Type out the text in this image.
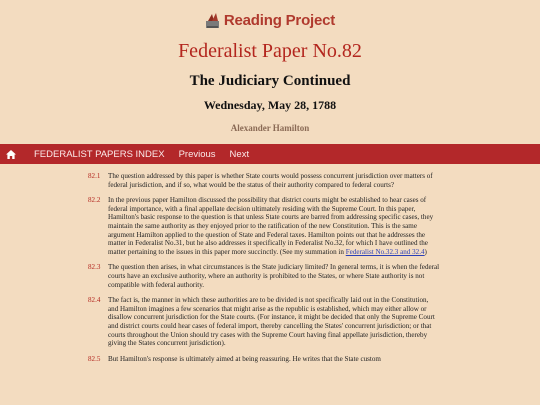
Reading Project
Federalist Paper No.82
The Judiciary Continued
Wednesday, May 28, 1788
Alexander Hamilton
FEDERALIST PAPERS INDEX	Previous	Next
82.1	The question addressed by this paper is whether State courts would possess concurrent jurisdiction over matters of federal jurisdiction, and if so, what would be the status of their authority compared to federal courts?
82.2	In the previous paper Hamilton discussed the possibility that district courts might be established to hear cases of federal importance, with a final appellate decision ultimately residing with the Supreme Court. In this paper, Hamilton's basic response to the question is that unless State courts are barred from addressing specific cases, they maintain the same authority as they enjoyed prior to the ratification of the new Constitution. This is the same argument Hamilton applied to the question of State and Federal taxes. Hamilton points out that he addresses the matter in Federalist No.31, but he also addresses it specifically in Federalist No.32, for which I have outlined the matter pertaining to the issues in this paper more succinctly. (See my summation in Federalist No.32.3 and 32.4)
82.3	The question then arises, in what circumstances is the State judiciary limited? In general terms, it is when the federal courts have an exclusive authority, where an authority is prohibited to the States, or where State authority is not compatible with federal authority.
82.4	The fact is, the manner in which these authorities are to be divided is not specifically laid out in the Constitution, and Hamilton imagines a few scenarios that might arise as the republic is established, which may either allow or disallow concurrent jurisdiction for the State courts. (For instance, it might be decided that only the Supreme Court and district courts could hear cases of federal import, thereby cancelling the States' concurrent jurisdiction; or that courts throughout the Union should try cases with the Supreme Court having final appellate jurisdiction, thereby giving the States concurrent jurisdiction).
82.5	But Hamilton's response is ultimately aimed at being reassuring. He writes that the State custom
